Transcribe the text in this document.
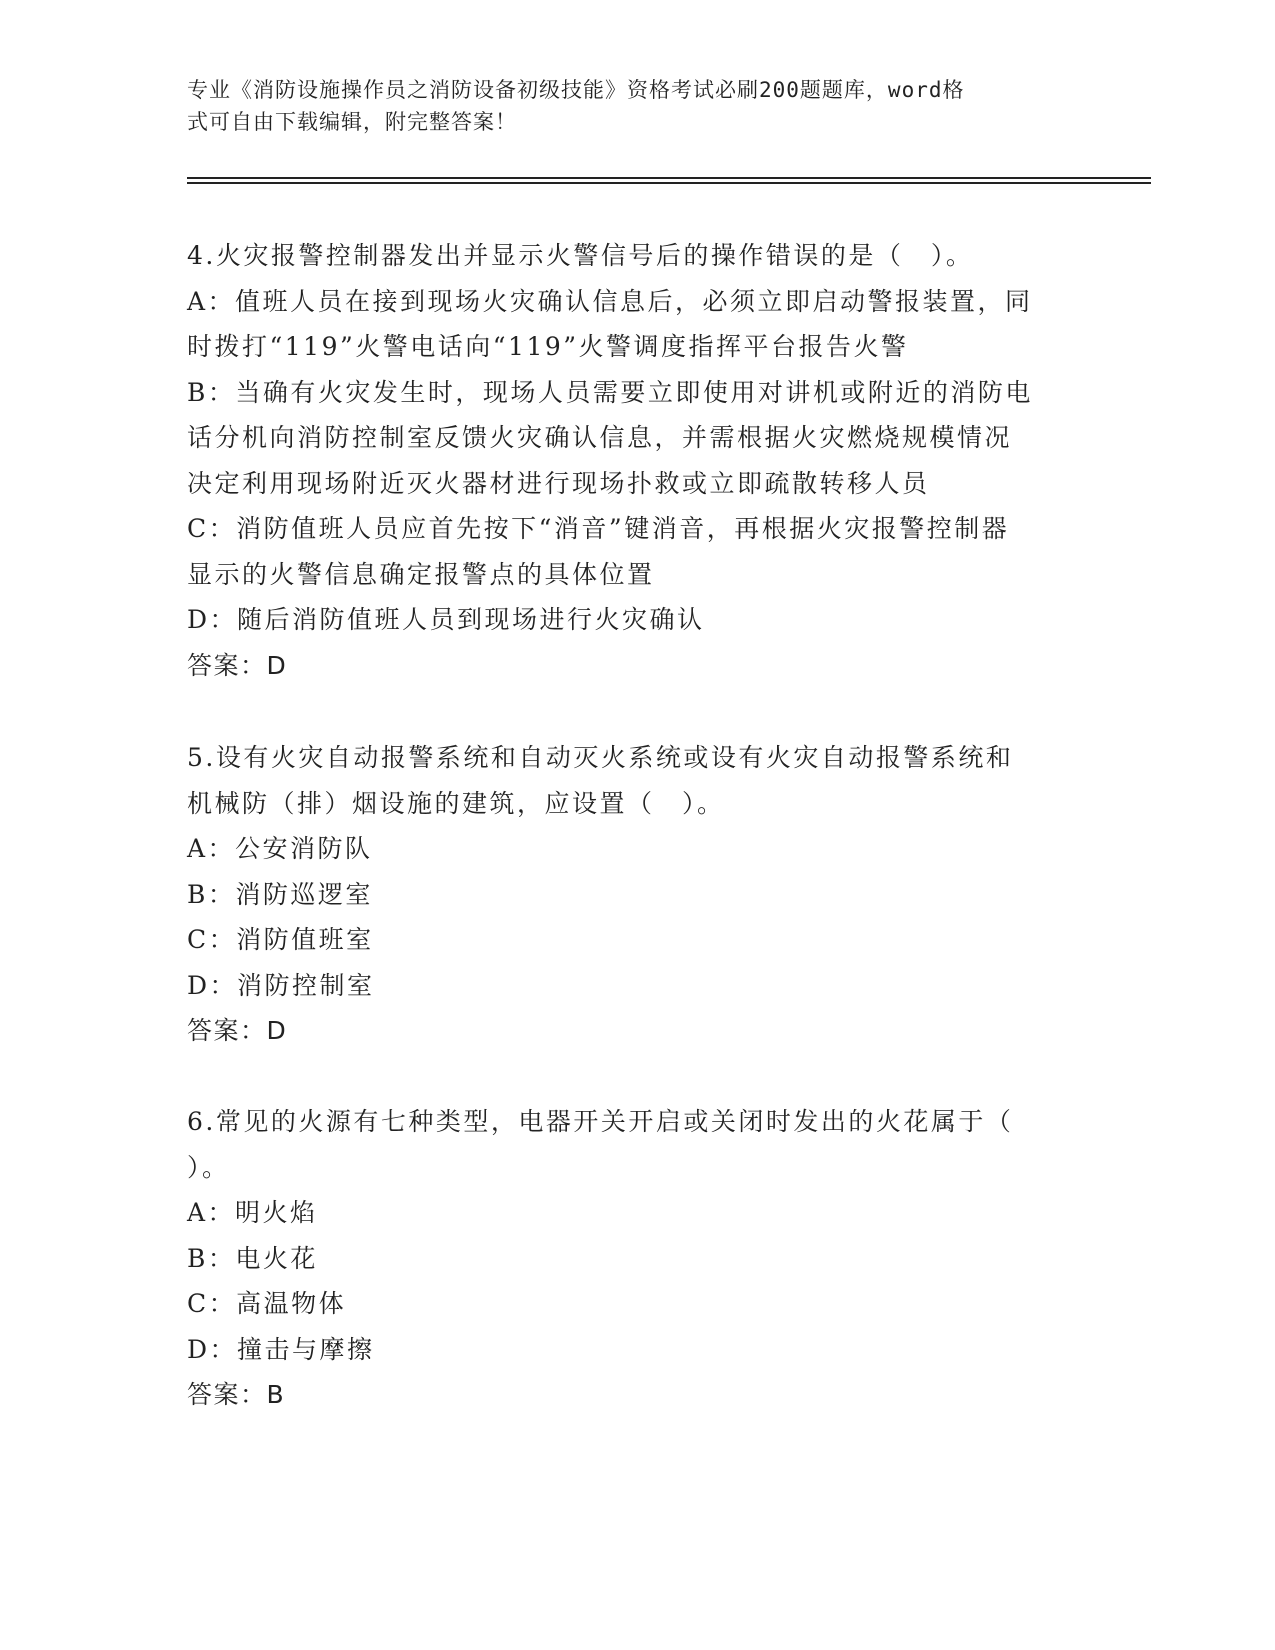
专业《消防设施操作员之消防设备初级技能》资格考试必刷200题题库，word格
式可自由下载编辑，附完整答案！
4.火灾报警控制器发出并显示火警信号后的操作错误的是（　）。
A：值班人员在接到现场火灾确认信息后，必须立即启动警报装置，同
时拨打“119”火警电话向“119”火警调度指挥平台报告火警
B：当确有火灾发生时，现场人员需要立即使用对讲机或附近的消防电
话分机向消防控制室反馈火灾确认信息，并需根据火灾燃烧规模情况
决定利用现场附近灭火器材进行现场扑救或立即疏散转移人员
C：消防值班人员应首先按下“消音”键消音，再根据火灾报警控制器
显示的火警信息确定报警点的具体位置
D：随后消防值班人员到现场进行火灾确认
答案：D
5.设有火灾自动报警系统和自动灭火系统或设有火灾自动报警系统和
机械防（排）烟设施的建筑，应设置（　）。
A：公安消防队
B：消防巡逻室
C：消防值班室
D：消防控制室
答案：D
6.常见的火源有七种类型，电器开关开启或关闭时发出的火花属于（
）。
A：明火焰
B：电火花
C：高温物体
D：撞击与摩擦
答案：B
